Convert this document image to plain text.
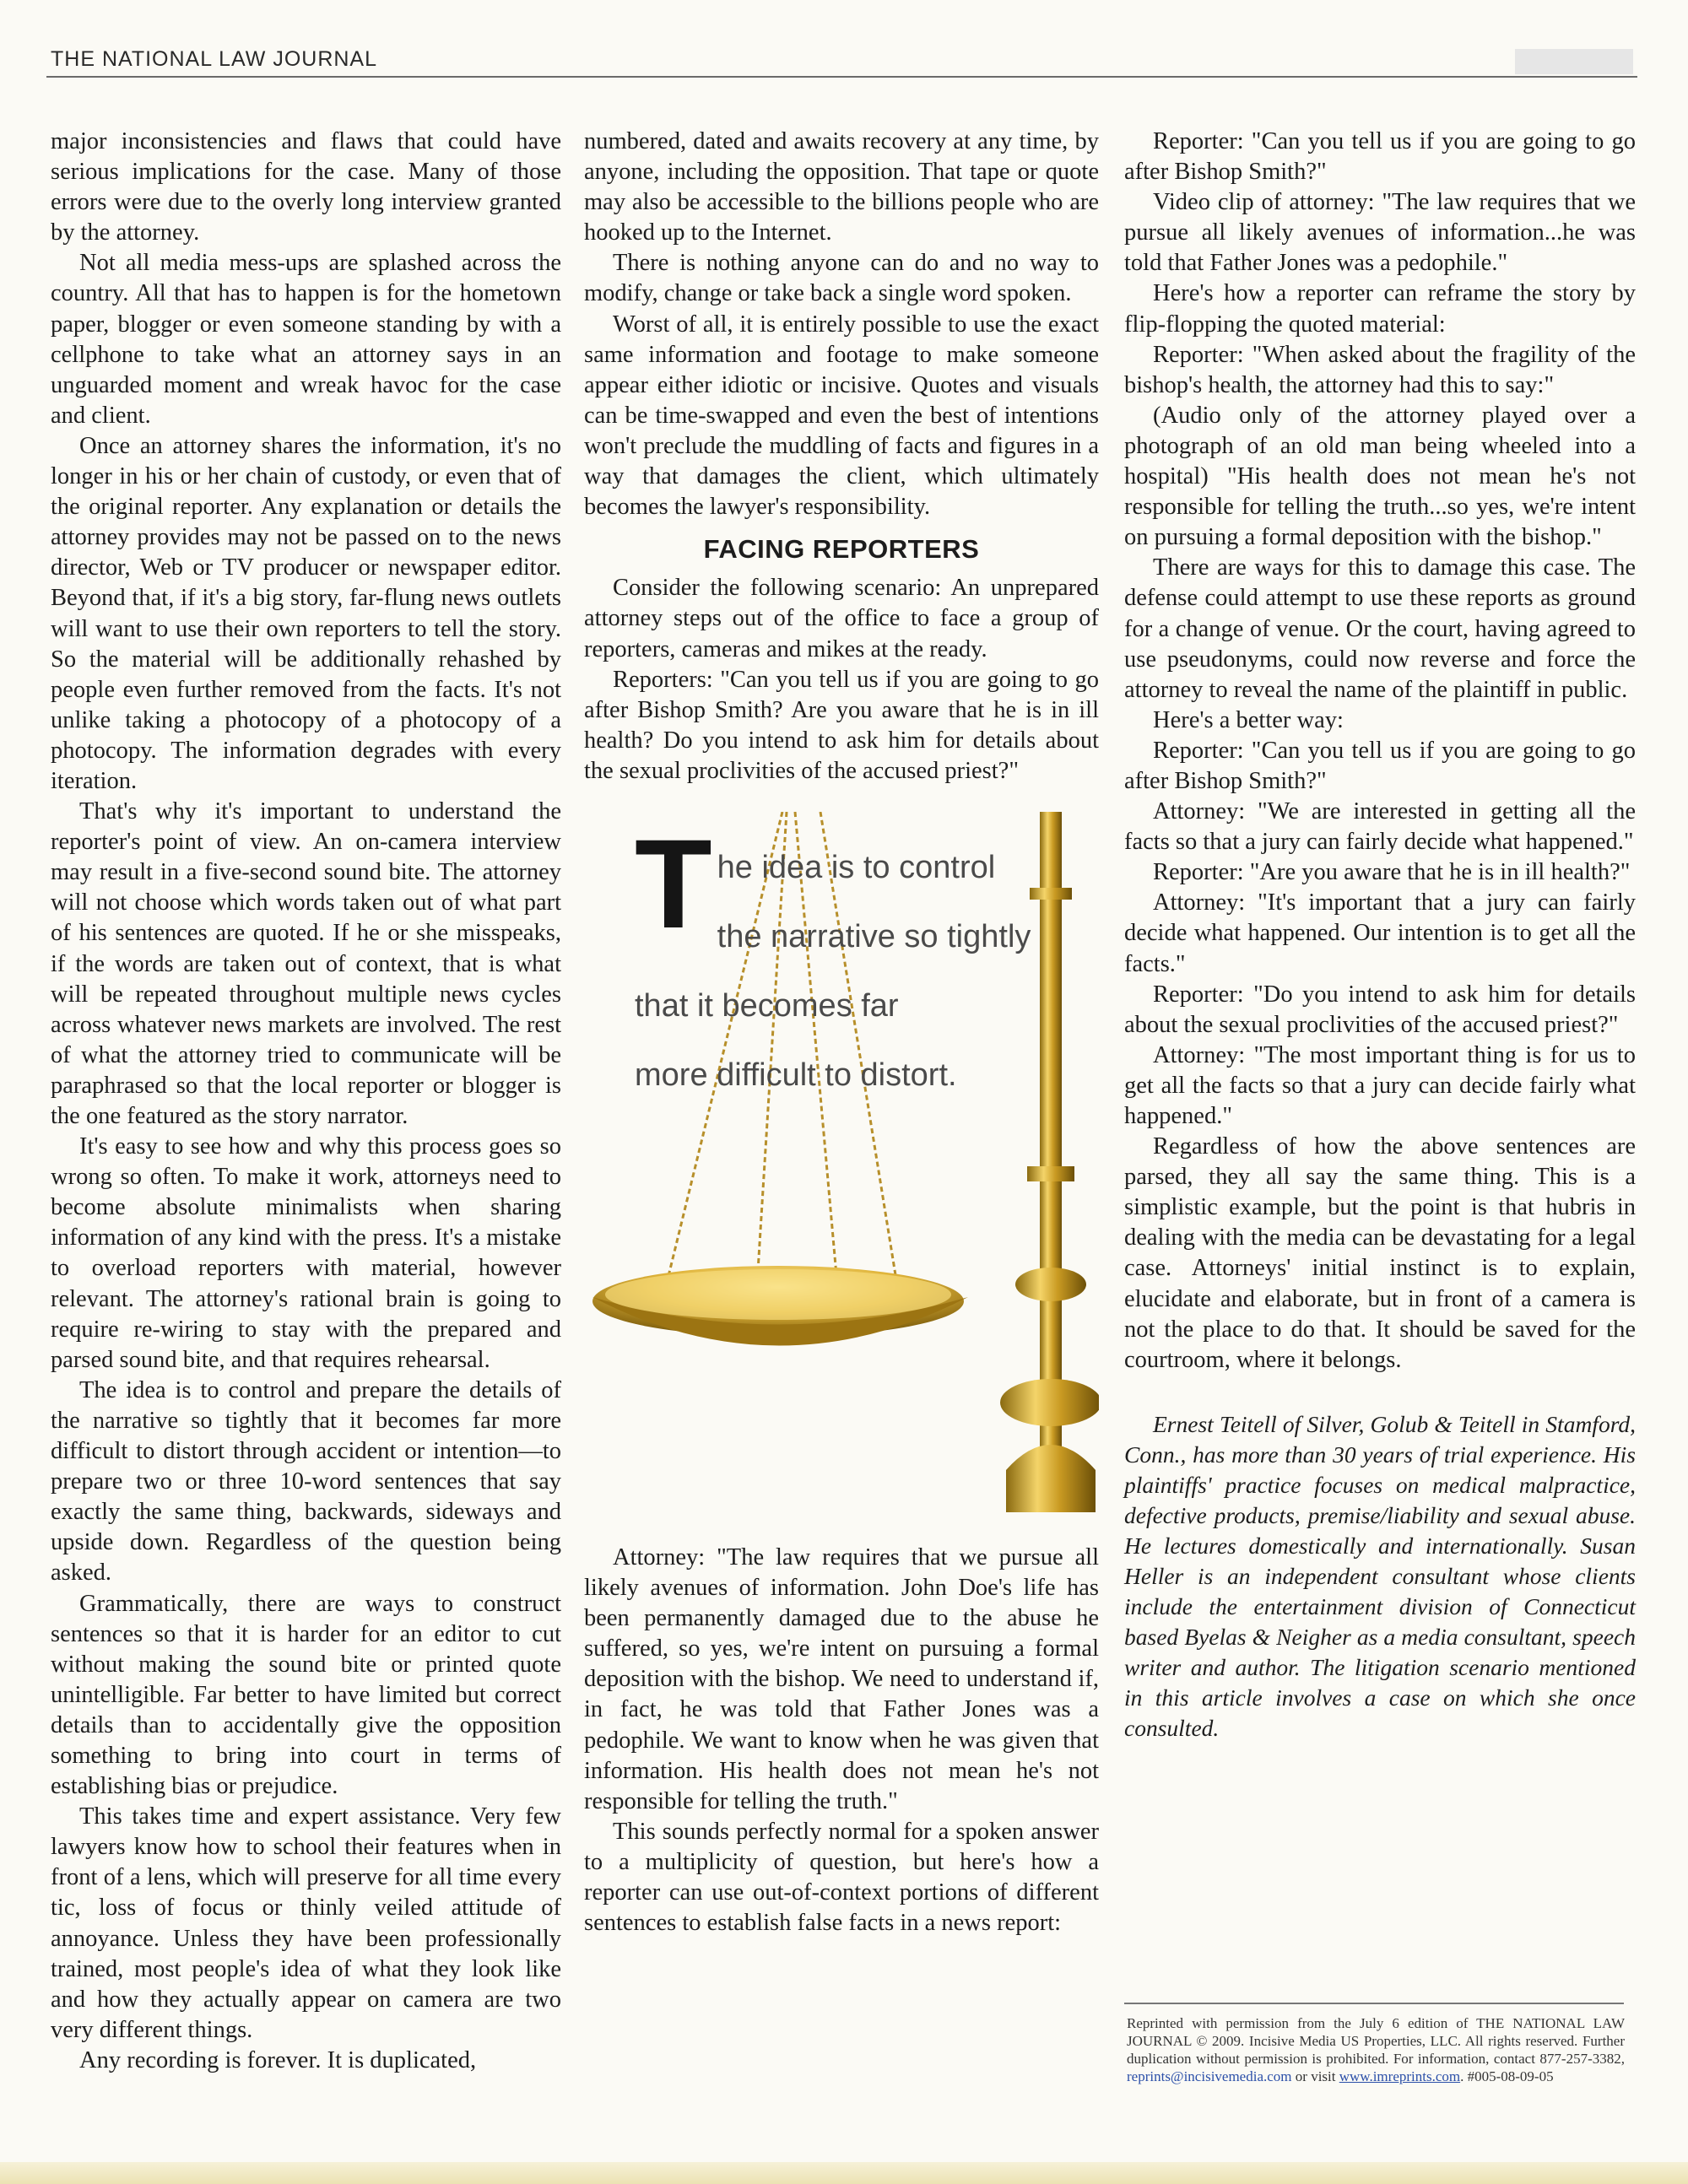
THE NATIONAL LAW JOURNAL

major inconsistencies and flaws that could have serious implications for the case. Many of those errors were due to the overly long interview granted by the attorney.

Not all media mess-ups are splashed across the country. All that has to happen is for the hometown paper, blogger or even someone standing by with a cellphone to take what an attorney says in an unguarded moment and wreak havoc for the case and client.

Once an attorney shares the information, it's no longer in his or her chain of custody, or even that of the original reporter. Any explanation or details the attorney provides may not be passed on to the news director, Web or TV producer or newspaper editor. Beyond that, if it's a big story, far-flung news outlets will want to use their own reporters to tell the story. So the material will be additionally rehashed by people even further removed from the facts. It's not unlike taking a photocopy of a photocopy of a photocopy. The information degrades with every iteration.

That's why it's important to understand the reporter's point of view. An on-camera interview may result in a five-second sound bite. The attorney will not choose which words taken out of what part of his sentences are quoted. If he or she misspeaks, if the words are taken out of context, that is what will be repeated throughout multiple news cycles across whatever news markets are involved. The rest of what the attorney tried to communicate will be paraphrased so that the local reporter or blogger is the one featured as the story narrator.

It's easy to see how and why this process goes so wrong so often. To make it work, attorneys need to become absolute minimalists when sharing information of any kind with the press. It's a mistake to overload reporters with material, however relevant. The attorney's rational brain is going to require re-wiring to stay with the prepared and parsed sound bite, and that requires rehearsal.

The idea is to control and prepare the details of the narrative so tightly that it becomes far more difficult to distort through accident or intention—to prepare two or three 10-word sentences that say exactly the same thing, backwards, sideways and upside down. Regardless of the question being asked.

Grammatically, there are ways to construct sentences so that it is harder for an editor to cut without making the sound bite or printed quote unintelligible. Far better to have limited but correct details than to accidentally give the opposition something to bring into court in terms of establishing bias or prejudice.

This takes time and expert assistance. Very few lawyers know how to school their features when in front of a lens, which will preserve for all time every tic, loss of focus or thinly veiled attitude of annoyance. Unless they have been professionally trained, most people's idea of what they look like and how they actually appear on camera are two very different things.

Any recording is forever. It is duplicated,

numbered, dated and awaits recovery at any time, by anyone, including the opposition. That tape or quote may also be accessible to the billions people who are hooked up to the Internet.

There is nothing anyone can do and no way to modify, change or take back a single word spoken.

Worst of all, it is entirely possible to use the exact same information and footage to make someone appear either idiotic or incisive. Quotes and visuals can be time-swapped and even the best of intentions won't preclude the muddling of facts and figures in a way that damages the client, which ultimately becomes the lawyer's responsibility.

FACING REPORTERS

Consider the following scenario: An unprepared attorney steps out of the office to face a group of reporters, cameras and mikes at the ready.

Reporters: "Can you tell us if you are going to go after Bishop Smith? Are you aware that he is in ill health? Do you intend to ask him for details about the sexual proclivities of the accused priest?"

T he idea is to control
the narrative so tightly
that it becomes far
more difficult to distort.

Attorney: "The law requires that we pursue all likely avenues of information. John Doe's life has been permanently damaged due to the abuse he suffered, so yes, we're intent on pursuing a formal deposition with the bishop. We need to understand if, in fact, he was told that Father Jones was a pedophile. We want to know when he was given that information. His health does not mean he's not responsible for telling the truth."

This sounds perfectly normal for a spoken answer to a multiplicity of question, but here's how a reporter can use out-of-context portions of different sentences to establish false facts in a news report:

Reporter: "Can you tell us if you are going to go after Bishop Smith?"

Video clip of attorney: "The law requires that we pursue all likely avenues of information...he was told that Father Jones was a pedophile."

Here's how a reporter can reframe the story by flip-flopping the quoted material:

Reporter: "When asked about the fragility of the bishop's health, the attorney had this to say:"

(Audio only of the attorney played over a photograph of an old man being wheeled into a hospital) "His health does not mean he's not responsible for telling the truth...so yes, we're intent on pursuing a formal deposition with the bishop."

There are ways for this to damage this case. The defense could attempt to use these reports as ground for a change of venue. Or the court, having agreed to use pseudonyms, could now reverse and force the attorney to reveal the name of the plaintiff in public.

Here's a better way:

Reporter: "Can you tell us if you are going to go after Bishop Smith?"

Attorney: "We are interested in getting all the facts so that a jury can fairly decide what happened."

Reporter: "Are you aware that he is in ill health?"

Attorney: "It's important that a jury can fairly decide what happened. Our intention is to get all the facts."

Reporter: "Do you intend to ask him for details about the sexual proclivities of the accused priest?"

Attorney: "The most important thing is for us to get all the facts so that a jury can decide fairly what happened."

Regardless of how the above sentences are parsed, they all say the same thing. This is a simplistic example, but the point is that hubris in dealing with the media can be devastating for a legal case. Attorneys' initial instinct is to explain, elucidate and elaborate, but in front of a camera is not the place to do that. It should be saved for the courtroom, where it belongs.

Ernest Teitell of Silver, Golub & Teitell in Stamford, Conn., has more than 30 years of trial experience. His plaintiffs' practice focuses on medical malpractice, defective products, premise/liability and sexual abuse. He lectures domestically and internationally. Susan Heller is an independent consultant whose clients include the entertainment division of Connecticut based Byelas & Neigher as a media consultant, speech writer and author. The litigation scenario mentioned in this article involves a case on which she once consulted.

Reprinted with permission from the July 6 edition of THE NATIONAL LAW JOURNAL © 2009. Incisive Media US Properties, LLC. All rights reserved. Further duplication without permission is prohibited. For information, contact 877-257-3382, reprints@incisivemedia.com or visit www.imreprints.com. #005-08-09-05
